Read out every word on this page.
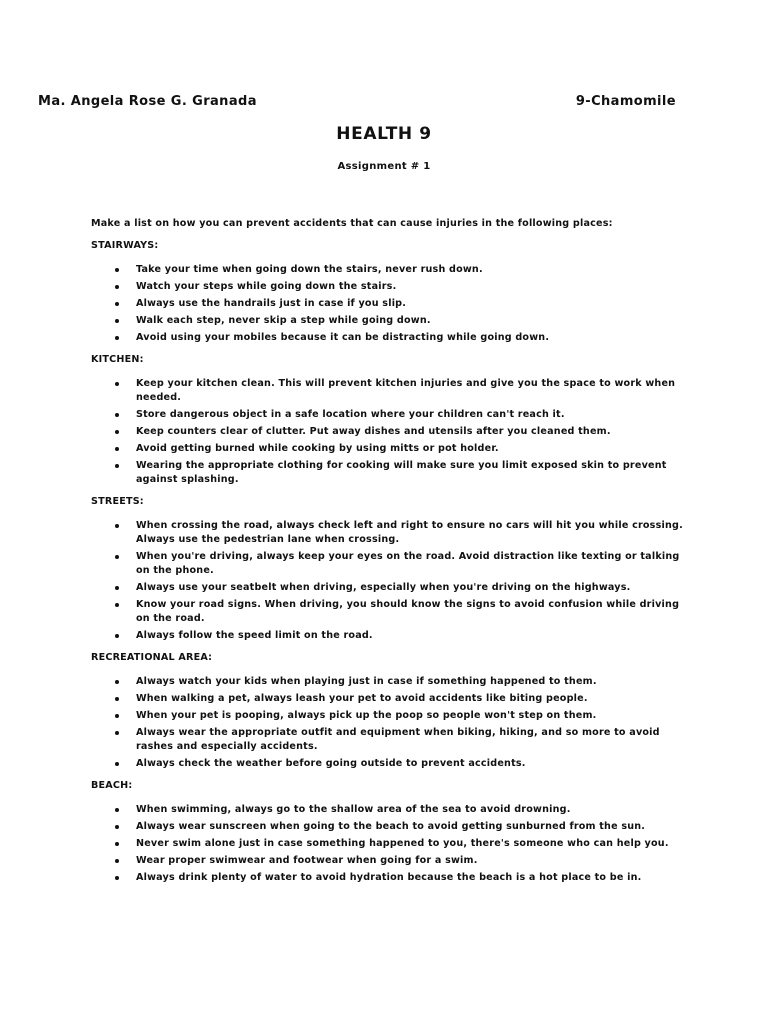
Ma. Angela Rose G. Granada	9-Chamomile
HEALTH 9
Assignment # 1

Make a list on how you can prevent accidents that can cause injuries in the following places:

STAIRWAYS:
Take your time when going down the stairs, never rush down.
Watch your steps while going down the stairs.
Always use the handrails just in case if you slip.
Walk each step, never skip a step while going down.
Avoid using your mobiles because it can be distracting while going down.
KITCHEN:
Keep your kitchen clean. This will prevent kitchen injuries and give you the space to work when needed.
Store dangerous object in a safe location where your children can't reach it.
Keep counters clear of clutter. Put away dishes and utensils after you cleaned them.
Avoid getting burned while cooking by using mitts or pot holder.
Wearing the appropriate clothing for cooking will make sure you limit exposed skin to prevent against splashing.
STREETS:
When crossing the road, always check left and right to ensure no cars will hit you while crossing. Always use the pedestrian lane when crossing.
When you're driving, always keep your eyes on the road. Avoid distraction like texting or talking on the phone.
Always use your seatbelt when driving, especially when you're driving on the highways.
Know your road signs. When driving, you should know the signs to avoid confusion while driving on the road.
Always follow the speed limit on the road.
RECREATIONAL AREA:
Always watch your kids when playing just in case if something happened to them.
When walking a pet, always leash your pet to avoid accidents like biting people.
When your pet is pooping, always pick up the poop so people won't step on them.
Always wear the appropriate outfit and equipment when biking, hiking, and so more to avoid rashes and especially accidents.
Always check the weather before going outside to prevent accidents.
BEACH:
When swimming, always go to the shallow area of the sea to avoid drowning.
Always wear sunscreen when going to the beach to avoid getting sunburned from the sun.
Never swim alone just in case something happened to you, there's someone who can help you.
Wear proper swimwear and footwear when going for a swim.
Always drink plenty of water to avoid hydration because the beach is a hot place to be in.
